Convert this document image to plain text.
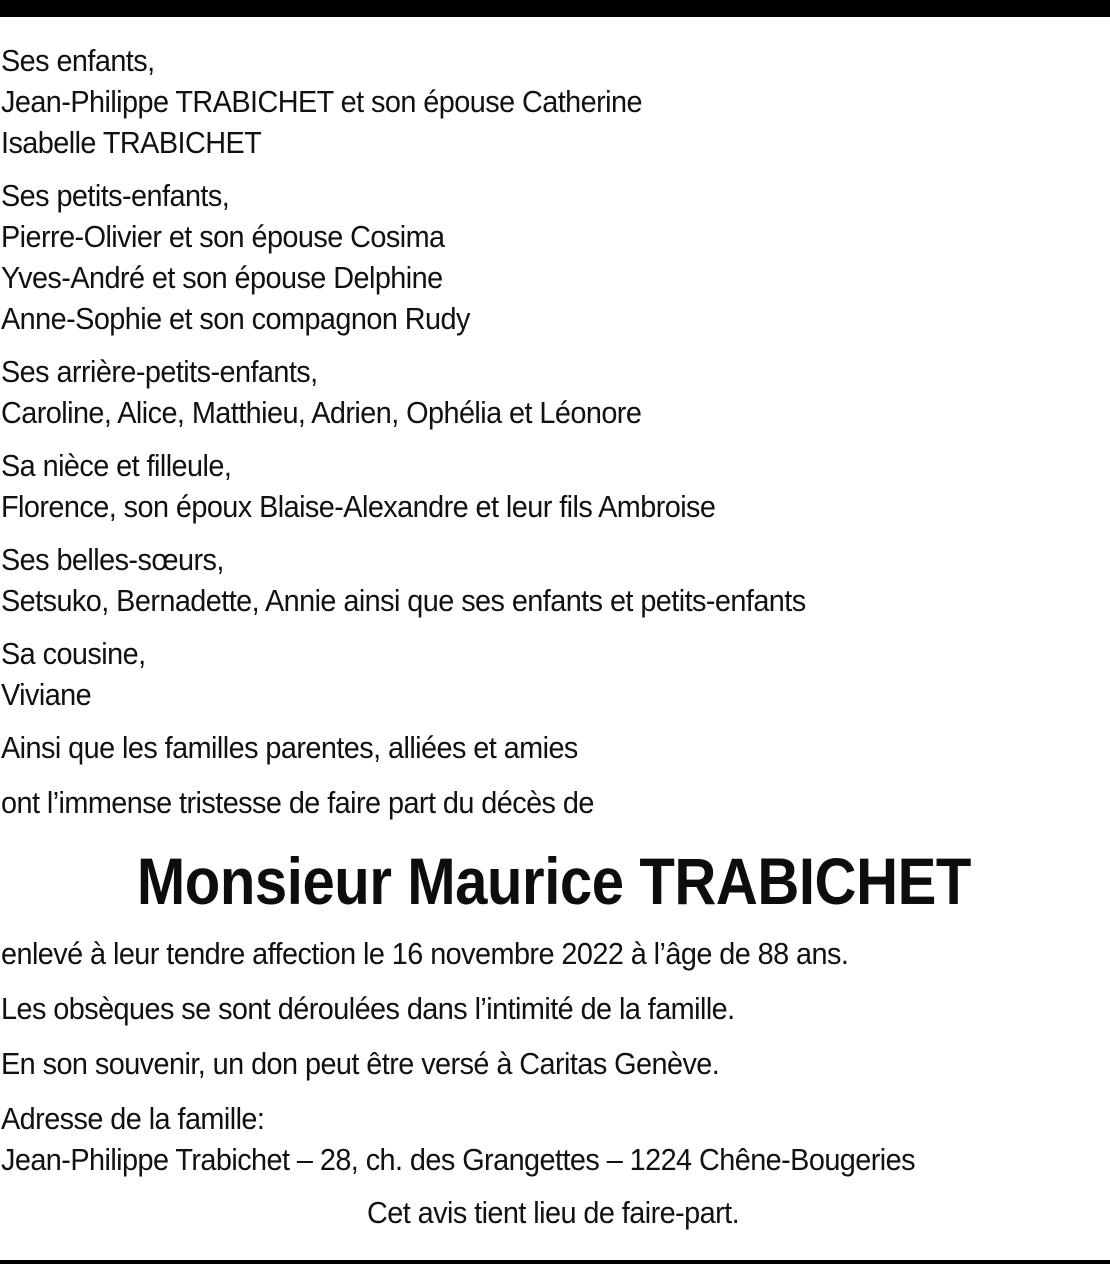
Ses enfants,
Jean-Philippe TRABICHET et son épouse Catherine
Isabelle TRABICHET
Ses petits-enfants,
Pierre-Olivier et son épouse Cosima
Yves-André et son épouse Delphine
Anne-Sophie et son compagnon Rudy
Ses arrière-petits-enfants,
Caroline, Alice, Matthieu, Adrien, Ophélia et Léonore
Sa nièce et filleule,
Florence, son époux Blaise-Alexandre et leur fils Ambroise
Ses belles-sœurs,
Setsuko, Bernadette, Annie ainsi que ses enfants et petits-enfants
Sa cousine,
Viviane
Ainsi que les familles parentes, alliées et amies
ont l’immense tristesse de faire part du décès de
Monsieur Maurice TRABICHET
enlevé à leur tendre affection le 16 novembre 2022 à l’âge de 88 ans.
Les obsèques se sont déroulées dans l’intimité de la famille.
En son souvenir, un don peut être versé à Caritas Genève.
Adresse de la famille:
Jean-Philippe Trabichet – 28, ch. des Grangettes – 1224 Chêne-Bougeries
Cet avis tient lieu de faire-part.
